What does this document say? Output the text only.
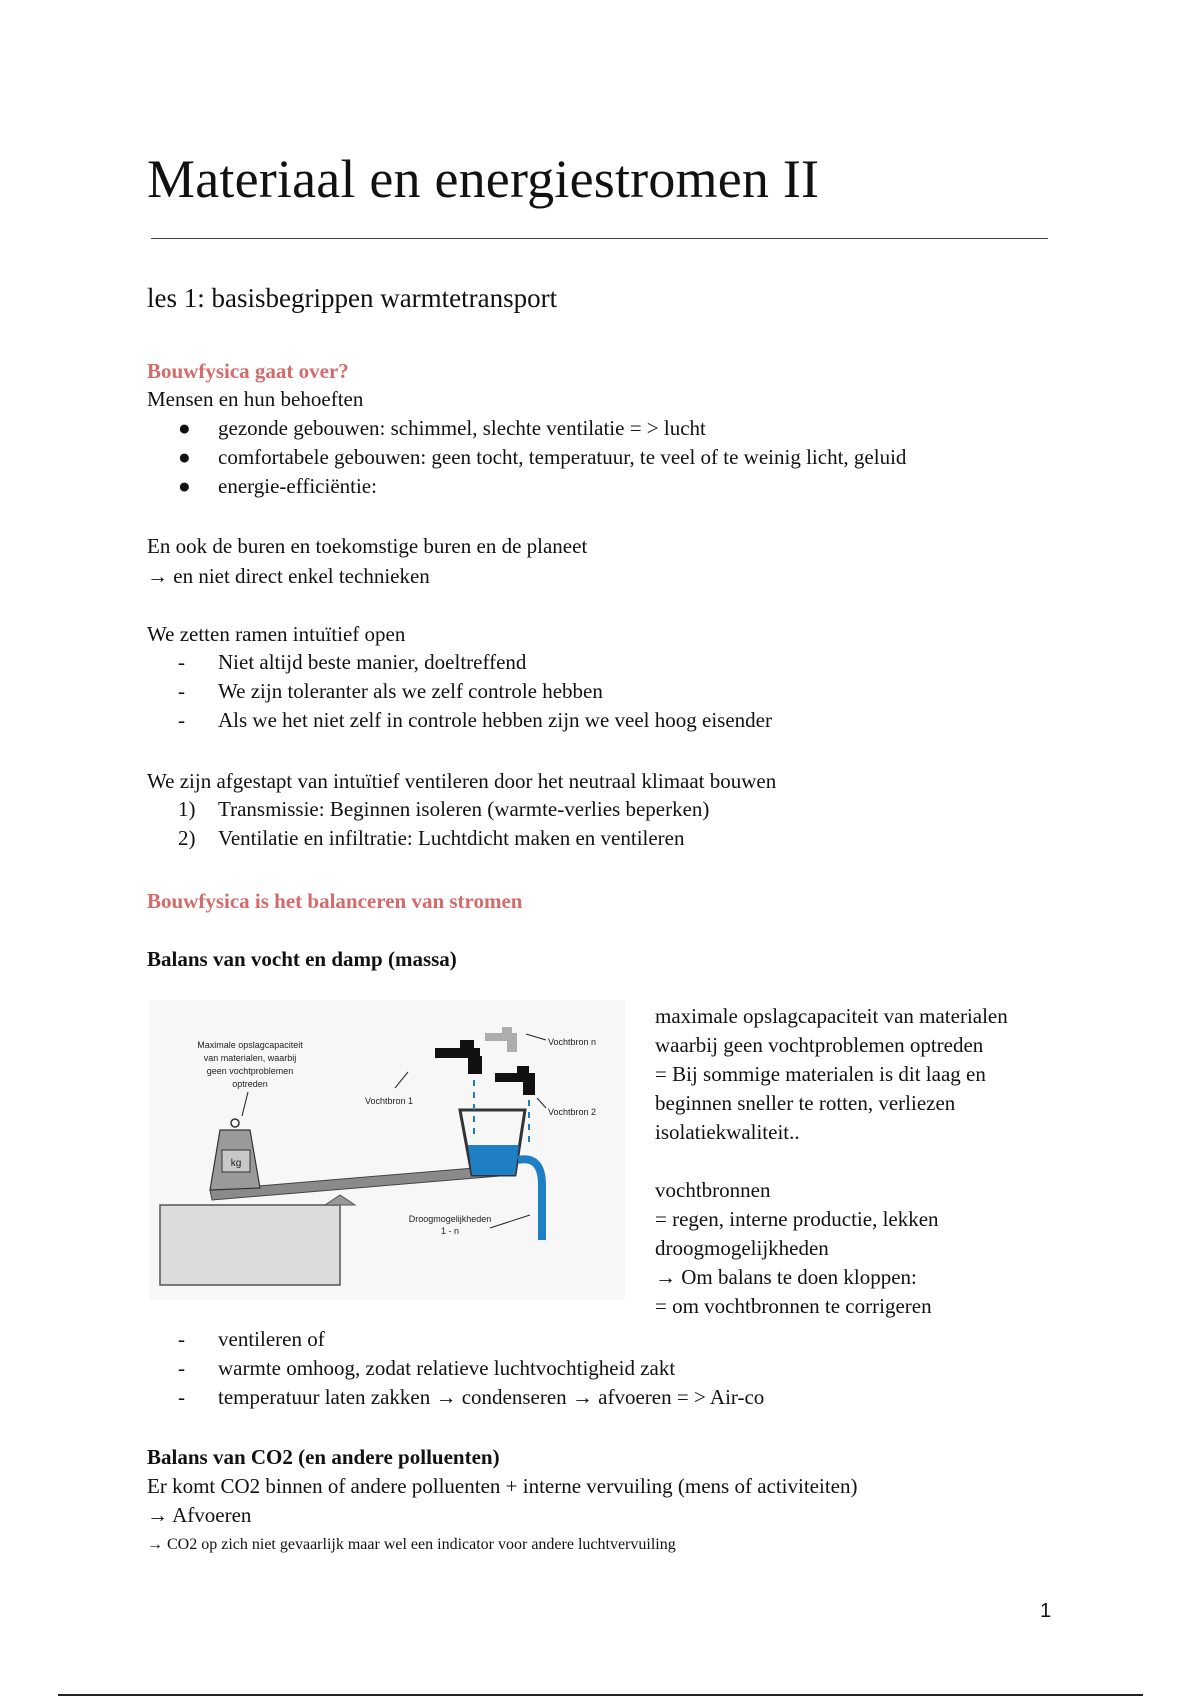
Materiaal en energiestromen II
les 1: basisbegrippen warmtetransport
Bouwfysica gaat over?
Mensen en hun behoeften
●	gezonde gebouwen: schimmel, slechte ventilatie = > lucht
●	comfortabele gebouwen: geen tocht, temperatuur, te veel of te weinig licht, geluid
●	energie-efficiëntie:
En ook de buren en toekomstige buren en de planeet
→ en niet direct enkel technieken
We zetten ramen intuïtief open
-	Niet altijd beste manier, doeltreffend
-	We zijn toleranter als we zelf controle hebben
-	Als we het niet zelf in controle hebben zijn we veel hoog eisender
We zijn afgestapt van intuïtief ventileren door het neutraal klimaat bouwen
1)	Transmissie: Beginnen isoleren (warmte-verlies beperken)
2)	Ventilatie en infiltratie: Luchtdicht maken en ventileren
Bouwfysica is het balanceren van stromen
Balans van vocht en damp (massa)
kg
Maximale opslagcapaciteit
van materialen, waarbij
geen vochtproblemen
optreden
Vochtbron 1
Vochtbron 2
Vochtbron n
Droogmogelijkheden
1 - n
maximale opslagcapaciteit van materialen
waarbij geen vochtproblemen optreden
= Bij sommige materialen is dit laag en
beginnen sneller te rotten, verliezen
isolatiekwaliteit..
vochtbronnen
= regen, interne productie, lekken
droogmogelijkheden
→ Om balans te doen kloppen:
= om vochtbronnen te corrigeren
-	ventileren of
-	warmte omhoog, zodat relatieve luchtvochtigheid zakt
-	temperatuur laten zakken → condenseren → afvoeren = > Air-co
Balans van CO2 (en andere polluenten)
Er komt CO2 binnen of andere polluenten + interne vervuiling (mens of activiteiten)
→ Afvoeren
→ CO2 op zich niet gevaarlijk maar wel een indicator voor andere luchtvervuiling
1
